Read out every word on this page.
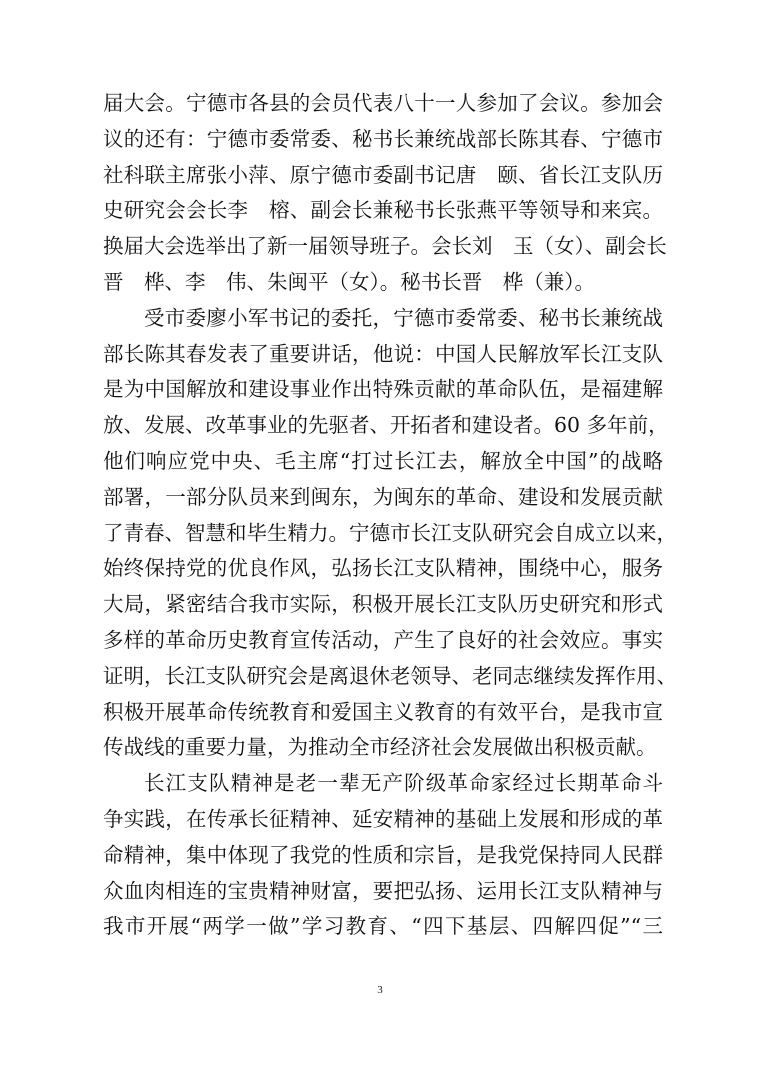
届大会。宁德市各县的会员代表八十一人参加了会议。参加会
议的还有：宁德市委常委、秘书长兼统战部长陈其春、宁德市
社科联主席张小萍、原宁德市委副书记唐　颐、省长江支队历
史研究会会长李　榕、副会长兼秘书长张燕平等领导和来宾。
换届大会选举出了新一届领导班子。会长刘　玉（女）、副会长
晋　桦、李　伟、朱闽平（女）。秘书长晋　桦（兼）。

受市委廖小军书记的委托，宁德市委常委、秘书长兼统战
部长陈其春发表了重要讲话，他说：中国人民解放军长江支队
是为中国解放和建设事业作出特殊贡献的革命队伍，是福建解
放、发展、改革事业的先驱者、开拓者和建设者。60 多年前，
他们响应党中央、毛主席“打过长江去，解放全中国”的战略
部署，一部分队员来到闽东，为闽东的革命、建设和发展贡献
了青春、智慧和毕生精力。宁德市长江支队研究会自成立以来，
始终保持党的优良作风，弘扬长江支队精神，围绕中心，服务
大局，紧密结合我市实际，积极开展长江支队历史研究和形式
多样的革命历史教育宣传活动，产生了良好的社会效应。事实
证明，长江支队研究会是离退休老领导、老同志继续发挥作用、
积极开展革命传统教育和爱国主义教育的有效平台，是我市宣
传战线的重要力量，为推动全市经济社会发展做出积极贡献。

长江支队精神是老一辈无产阶级革命家经过长期革命斗
争实践，在传承长征精神、延安精神的基础上发展和形成的革
命精神，集中体现了我党的性质和宗旨，是我党保持同人民群
众血肉相连的宝贵精神财富，要把弘扬、运用长江支队精神与
我市开展“两学一做”学习教育、“四下基层、四解四促”“三

3
